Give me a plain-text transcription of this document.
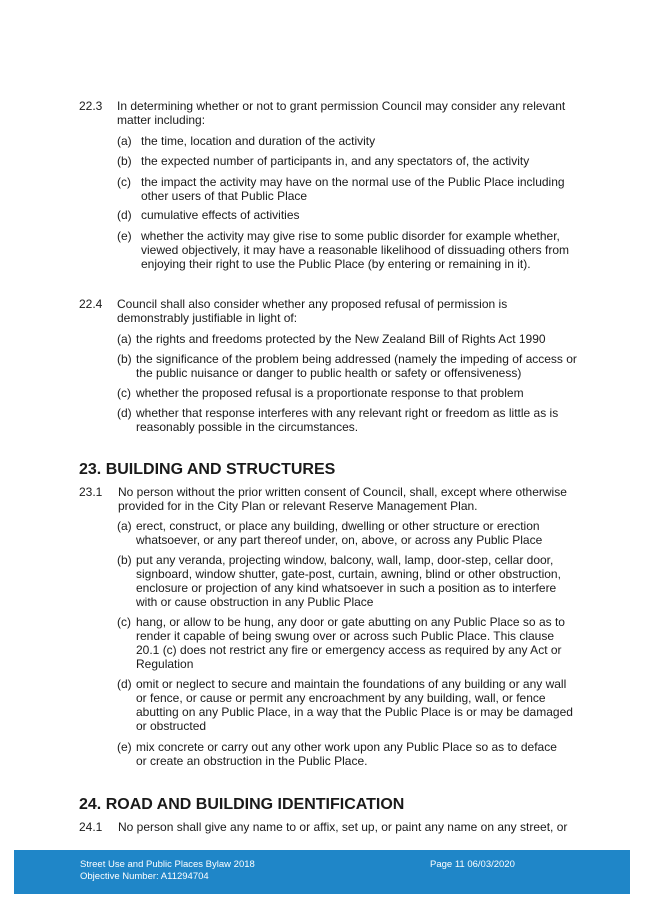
22.3 In determining whether or not to grant permission Council may consider any relevant matter including:
(a) the time, location and duration of the activity
(b) the expected number of participants in, and any spectators of, the activity
(c) the impact the activity may have on the normal use of the Public Place including other users of that Public Place
(d) cumulative effects of activities
(e) whether the activity may give rise to some public disorder for example whether, viewed objectively, it may have a reasonable likelihood of dissuading others from enjoying their right to use the Public Place (by entering or remaining in it).
22.4 Council shall also consider whether any proposed refusal of permission is demonstrably justifiable in light of:
(a) the rights and freedoms protected by the New Zealand Bill of Rights Act 1990
(b) the significance of the problem being addressed (namely the impeding of access or the public nuisance or danger to public health or safety or offensiveness)
(c) whether the proposed refusal is a proportionate response to that problem
(d) whether that response interferes with any relevant right or freedom as little as is reasonably possible in the circumstances.
23. BUILDING AND STRUCTURES
23.1 No person without the prior written consent of Council, shall, except where otherwise provided for in the City Plan or relevant Reserve Management Plan.
(a) erect, construct, or place any building, dwelling or other structure or erection whatsoever, or any part thereof under, on, above, or across any Public Place
(b) put any veranda, projecting window, balcony, wall, lamp, door-step, cellar door, signboard, window shutter, gate-post, curtain, awning, blind or other obstruction, enclosure or projection of any kind whatsoever in such a position as to interfere with or cause obstruction in any Public Place
(c) hang, or allow to be hung, any door or gate abutting on any Public Place so as to render it capable of being swung over or across such Public Place. This clause 20.1 (c) does not restrict any fire or emergency access as required by any Act or Regulation
(d) omit or neglect to secure and maintain the foundations of any building or any wall or fence, or cause or permit any encroachment by any building, wall, or fence abutting on any Public Place, in a way that the Public Place is or may be damaged or obstructed
(e) mix concrete or carry out any other work upon any Public Place so as to deface or create an obstruction in the Public Place.
24. ROAD AND BUILDING IDENTIFICATION
24.1 No person shall give any name to or affix, set up, or paint any name on any street, or
Street Use and Public Places Bylaw 2018
Objective Number: A11294704
Page 11 06/03/2020
